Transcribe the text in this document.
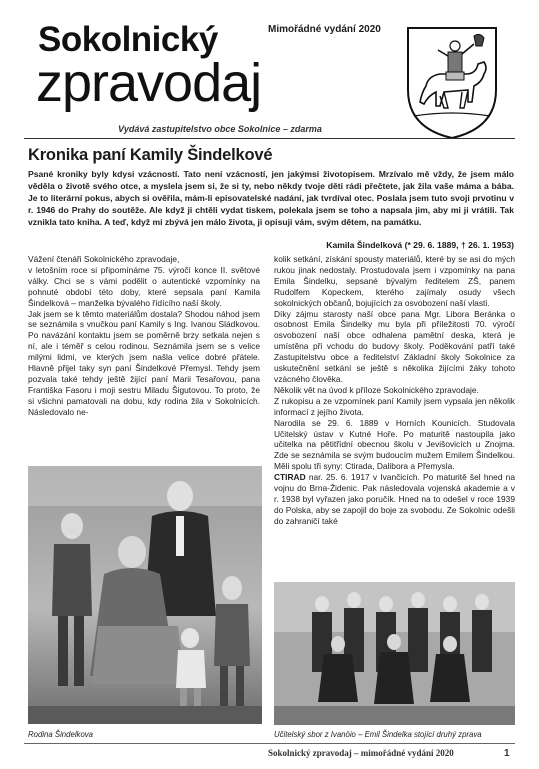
Sokolnický
zpravodaj
Mimořádné vydání 2020
Vydává zastupitelstvo obce Sokolnice – zdarma
Kronika paní Kamily Šindelkové
Psané kroniky byly kdysi vzácností. Tato není vzácností, jen jakýmsi životopisem. Mrzívalo mě vždy, že jsem málo věděla o životě svého otce, a myslela jsem si, že si ty, nebo někdy tvoje děti rádi přečtete, jak žila vaše máma a bába. Je to literární pokus, abych si ověřila, mám-li episovatelské nadání, jak tvrdíval otec. Poslala jsem tuto svoji prvotinu v r. 1946 do Prahy do soutěže. Ale když ji chtěli vydat tiskem, polekala jsem se toho a napsala jim, aby mi ji vrátili. Tak vznikla tato kniha. A teď, když mi zbývá jen málo života, ji opisuji vám, svým dětem, na památku.
Kamila Šindelková (* 29. 6. 1889, † 26. 1. 1953)

Vážení čtenáři Sokolnického zpravodaje,

v letošním roce si připomínáme 75. výročí konce II. světové války. Chci se s vámi podělit o autentické vzpomínky na pohnuté období této doby, které sepsala paní Kamila Šindelková – manželka bývalého řídícího naší školy.

Jak jsem se k těmto materiálům dostala? Shodou náhod jsem se seznámila s vnučkou paní Kamily s Ing. Ivanou Sládkovou. Po navázání kontaktu jsem se poměrně brzy setkala nejen s ní, ale i téměř s celou rodinou. Seznámila jsem se s velice milými lidmi, ve kterých jsem našla velice dobré přátele. Hlavně přijel taky syn paní Šindelkové Přemysl. Tehdy jsem pozvala také tehdy ještě žijící paní Marii Tesařovou, pana Františka Fasoru i moji sestru Miladu Šigutovou. To proto, že si všichni pamatovali na dobu, kdy rodina žila v Sokolnicích. Následovalo ne-

kolik setkání, získání spousty materiálů, které by se asi do mých rukou jinak nedostaly. Prostudovala jsem i vzpomínky na pana Emila Šindelku, sepsané bývalým ředitelem ZŠ, panem Rudolfem Kopeckem, kterého zajímaly osudy všech sokolnických občanů, bojujících za osvobození naší vlasti.

Díky zájmu starosty naší obce pana Mgr. Libora Beránka o osobnost Emila Šindelky mu byla při příležitosti 70. výročí osvobození naší obce odhalena pamětní deska, která je umístěna při vchodu do budovy školy. Poděkování patří také Zastupitelstvu obce a ředitelství Základní školy Sokolnice za uskutečnění setkání se ještě s několika žijícími žáky tohoto vzácného člověka.

Několik vět na úvod k příloze Sokolnického zpravodaje.

Z rukopisu a ze vzpomínek paní Kamily jsem vypsala jen několik informací z jejího života.

Narodila se 29. 6. 1889 v Horních Kounicích. Studovala Učitelský ústav v Kutné Hoře. Po maturitě nastoupila jako učitelka na pětitřídní obecnou školu v Jevišovicích u Znojma. Zde se seznámila se svým budoucím mužem Emilem Šindelkou. Měli spolu tři syny: Ctirada, Dalibora a Přemysla.

CTIRAD nar. 25. 6. 1917 v Ivančicích. Po maturitě šel hned na vojnu do Brna-Židenic. Pak následovala vojenská akademie a v r. 1938 byl vyřazen jako poručík. Hned na to odešel v roce 1939 do Polska, aby se zapojil do boje za svobodu. Ze Sokolnic odešli do zahraničí také

Rodina Šindelkova	Učitelský sbor z Ivanöio – Emil Šindelka stojící druhý zprava
Sokolnický zpravodaj – mimořádné vydání 2020	1
